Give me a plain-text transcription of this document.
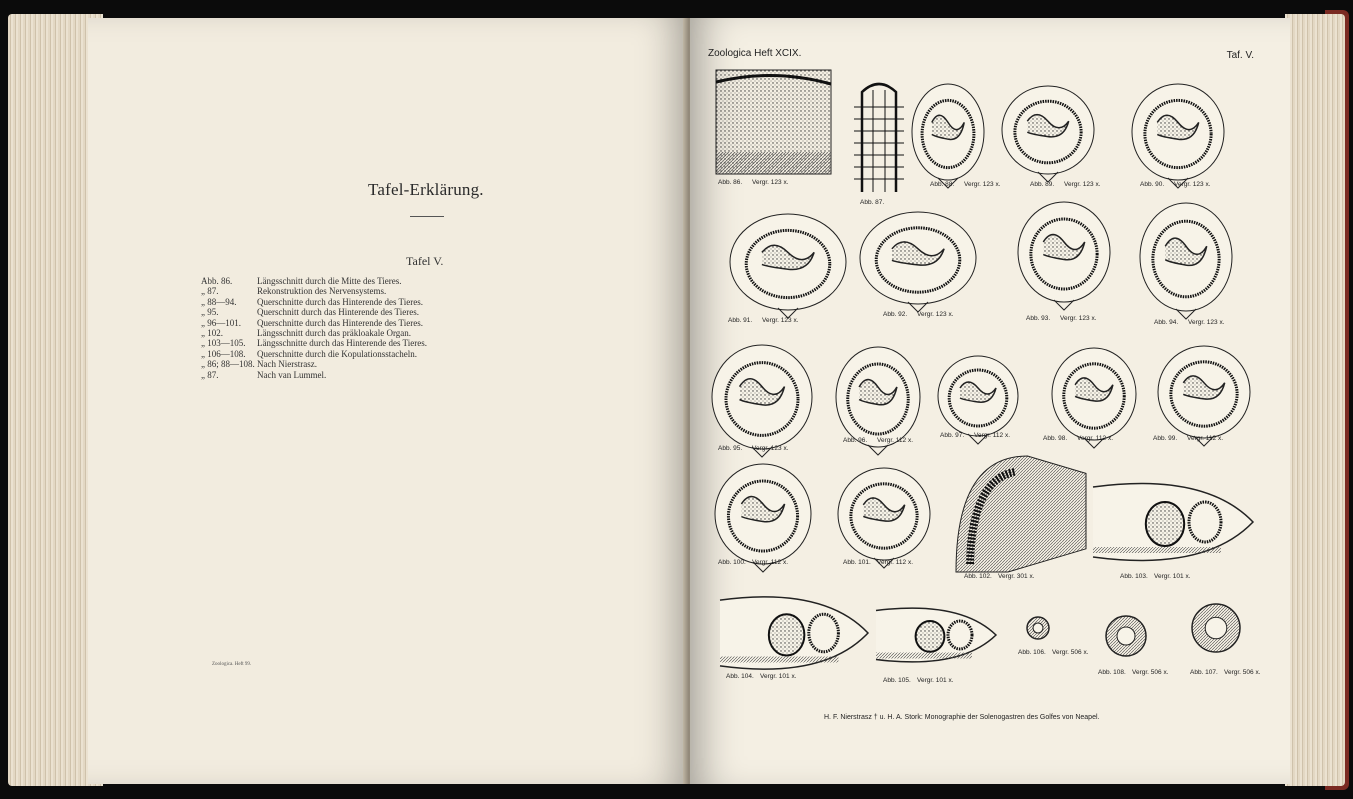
Tafel-Erklärung.
Tafel V.
Abb. 86.	Längsschnitt durch die Mitte des Tieres.
„ 87.	Rekonstruktion des Nervensystems.
„ 88—94.	Querschnitte durch das Hinterende des Tieres.
„ 95.	Querschnitt durch das Hinterende des Tieres.
„ 96—101.	Querschnitte durch das Hinterende des Tieres.
„ 102.	Längsschnitt durch das präkloakale Organ.
„ 103—105.	Längsschnitte durch das Hinterende des Tieres.
„ 106—108.	Querschnitte durch die Kopulationsstacheln.
„ 86; 88—108. Nach Nierstrasz.
„ 87.	Nach van Lummel.
Zoologica. Heft 99.
Zoologica Heft XCIX.	Taf. V.
Abb. 86. Vergr. 123 x.
Abb. 87.
Abb. 88. Vergr. 123 x.	Abb. 89. Vergr. 123 x.	Abb. 90. Vergr. 123 x.
Abb. 91. Vergr. 123 x.
Abb. 92. Vergr. 123 x.
Abb. 93. Vergr. 123 x.
Abb. 94. Vergr. 123 x.
Abb. 95. Vergr. 123 x.
Abb. 96. Vergr. 112 x.
Abb. 97. Vergr. 112 x.	Abb. 98. Vergr. 112 x.	Abb. 99. Vergr. 112 x.
Abb. 100. Vergr. 112 x.	Abb. 101. Vergr. 112 x.
Abb. 102. Vergr. 301 x.	Abb. 103. Vergr. 101 x.
Abb. 104. Vergr. 101 x.
Abb. 105. Vergr. 101 x.
Abb. 106. Vergr. 506 x.
Abb. 108. Vergr. 506 x.	Abb. 107. Vergr. 506 x.
H. F. Nierstrasz † u. H. A. Stork: Monographie der Solenogastren des Golfes von Neapel.
